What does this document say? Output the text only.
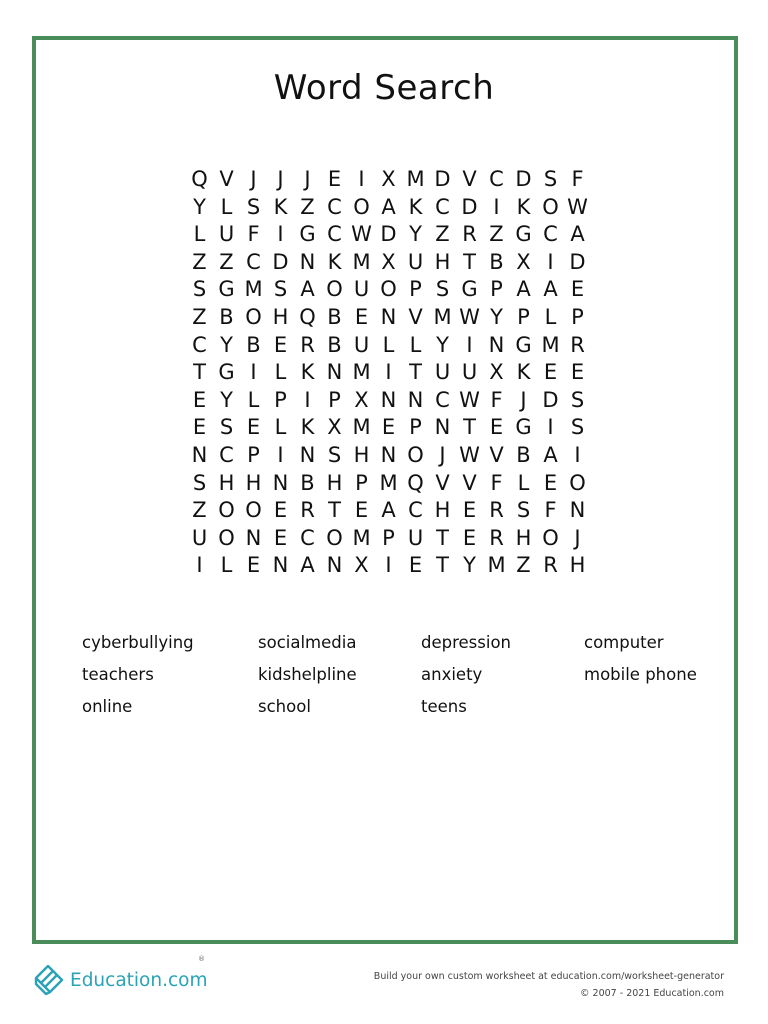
Word Search
Q V J J J E I X M D V C D S F
Y L S K Z C O A K C D I K O W
L U F I G C W D Y Z R Z G C A
Z Z C D N K M X U H T B X I D
S G M S A O U O P S G P A A E
Z B O H Q B E N V M W Y P L P
C Y B E R B U L L Y I N G M R
T G I L K N M I T U U X K E E
E Y L P I P X N N C W F J D S
E S E L K X M E P N T E G I S
N C P I N S H N O J W V B A I
S H H N B H P M Q V V F L E O
Z O O E R T E A C H E R S F N
U O N E C O M P U T E R H O J
I L E N A N X I E T Y M Z R H
cyberbullying	socialmedia	depression	computer
teachers	kidshelpline	anxiety	mobile phone
online	school	teens
Education.com
®
Build your own custom worksheet at education.com/worksheet-generator
© 2007 - 2021 Education.com
